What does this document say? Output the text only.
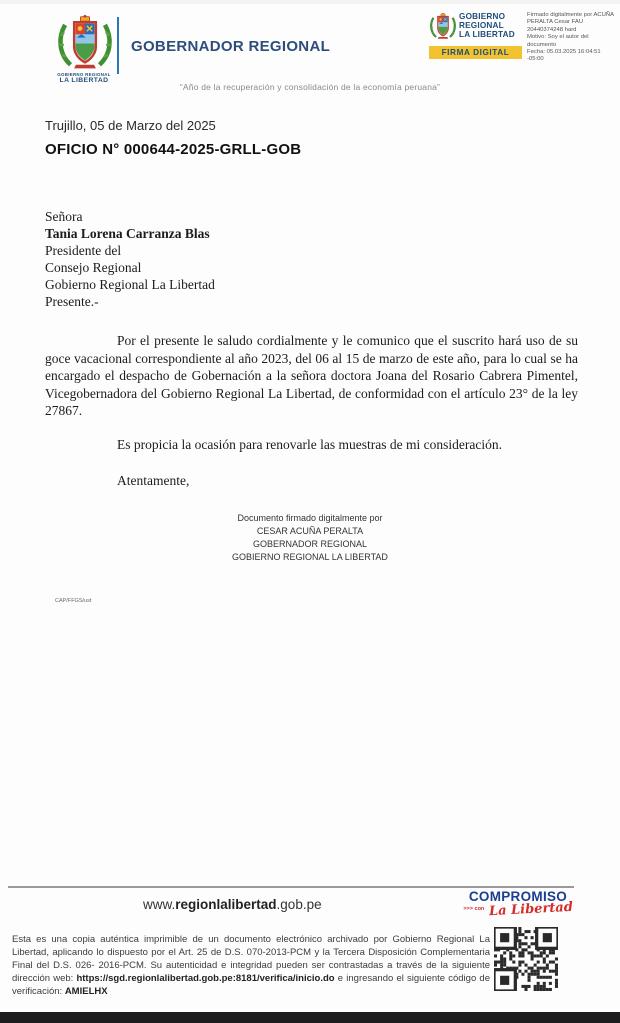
GOBIERNO REGIONAL
LA LIBERTAD
GOBERNADOR REGIONAL
“Año de la recuperación y consolidación de la economía peruana”
GOBIERNO
REGIONAL
LA LIBERTAD
FIRMA DIGITAL
Firmado digitalmente por ACUÑA PERALTA Cesar FAU 20440374248 hard
Motivo: Soy el autor del documento
Fecha: 05.03.2025 16:04:51 -05:00
Trujillo, 05 de Marzo del 2025
OFICIO N° 000644-2025-GRLL-GOB
Señora
Tania Lorena Carranza Blas
Presidente del
Consejo Regional
Gobierno Regional La Libertad
Presente.-

Por el presente le saludo cordialmente y le comunico que el suscrito hará uso de su goce vacacional correspondiente al año 2023, del 06 al 15 de marzo de este año, para lo cual se ha encargado el despacho de Gobernación a la señora doctora Joana del Rosario Cabrera Pimentel, Vicegobernadora del Gobierno Regional La Libertad, de conformidad con el artículo 23° de la ley 27867.

Es propicia la ocasión para renovarle las muestras de mi consideración.

Atentamente,
Documento firmado digitalmente por
CESAR ACUÑA PERALTA
GOBERNADOR REGIONAL
GOBIERNO REGIONAL LA LIBERTAD
CAP/FFGS/ust
www.regionlalibertad.gob.pe
COMPROMISO
>>> con La Libertad
Esta es una copia auténtica imprimible de un documento electrónico archivado por Gobierno Regional La Libertad, aplicando lo dispuesto por el Art. 25 de D.S. 070-2013-PCM y la Tercera Disposición Complementaria Final del D.S. 026- 2016-PCM. Su autenticidad e integridad pueden ser contrastadas a través de la siguiente dirección web: https://sgd.regionlalibertad.gob.pe:8181/verifica/inicio.do e ingresando el siguiente código de verificación: AMIELHX
